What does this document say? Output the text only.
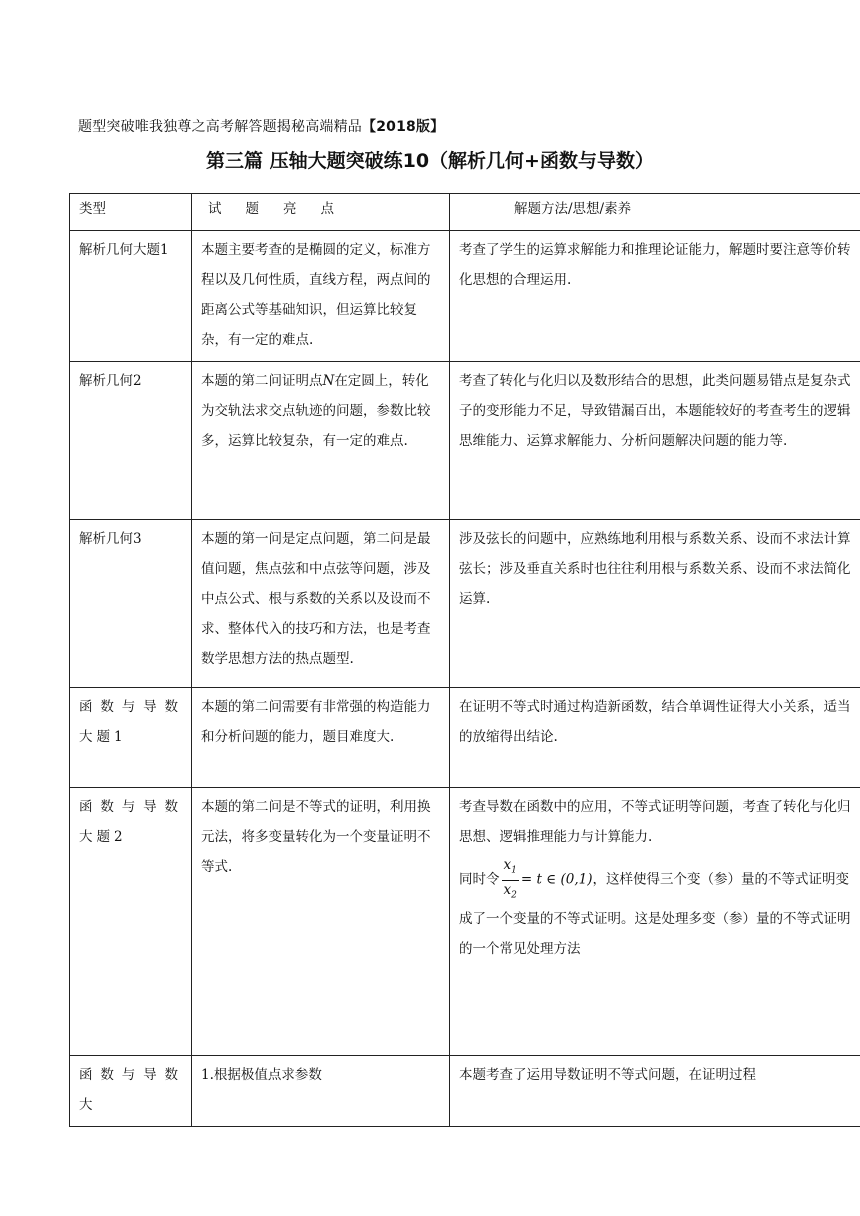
题型突破唯我独尊之高考解答题揭秘高端精品【2018版】
第三篇 压轴大题突破练10（解析几何+函数与导数）
类型	试题亮点	解题方法/思想/素养
解析几何大题1	本题主要考查的是椭圆的定义，标准方程以及几何性质，直线方程，两点间的距离公式等基础知识，但运算比较复杂，有一定的难点.	考查了学生的运算求解能力和推理论证能力，解题时要注意等价转化思想的合理运用.
解析几何2	本题的第二问证明点N在定圆上，转化为交轨法求交点轨迹的问题，参数比较多，运算比较复杂，有一定的难点.	考查了转化与化归以及数形结合的思想，此类问题易错点是复杂式子的变形能力不足，导致错漏百出，本题能较好的考查考生的逻辑思维能力、运算求解能力、分析问题解决问题的能力等.
解析几何3	本题的第一问是定点问题，第二问是最值问题，焦点弦和中点弦等问题，涉及中点公式、根与系数的关系以及设而不求、整体代入的技巧和方法，也是考查数学思想方法的热点题型.	涉及弦长的问题中，应熟练地利用根与系数关系、设而不求法计算弦长；涉及垂直关系时也往往利用根与系数关系、设而不求法简化运算.
函数与导数大题1	本题的第二问需要有非常强的构造能力和分析问题的能力，题目难度大.	在证明不等式时通过构造新函数，结合单调性证得大小关系，适当的放缩得出结论.
函数与导数大题2	本题的第二问是不等式的证明，利用换元法，将多变量转化为一个变量证明不等式.	考查导数在函数中的应用，不等式证明等问题，考查了转化与化归思想、逻辑推理能力与计算能力.
同时令 $\frac{x_1}{x_2} = t$ ∈ (0,1)，这样使得三个变（参）量的不等式证明变成了一个变量的不等式证明。这是处理多变（参）量的不等式证明的一个常见处理方法

函数与导数大	1.根据极值点求参数	本题考查了运用导数证明不等式问题，在证明过程
